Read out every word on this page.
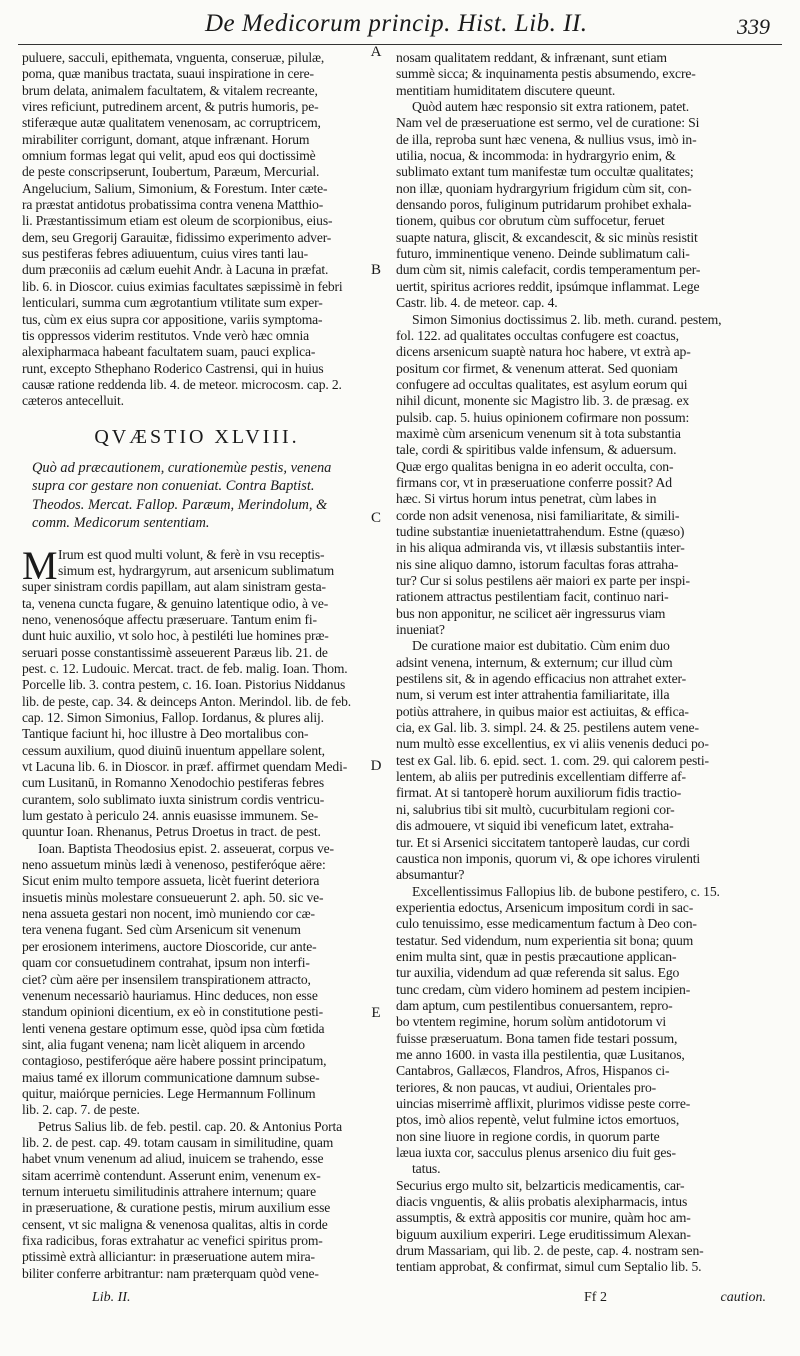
De Medicorum princip. Hist. Lib. II.	339
puluere, sacculi, epithemata, vnguenta, conseruæ, pilulæ,
poma, quæ manibus tractata, suaui inspiratione in cere-
brum delata, animalem facultatem, & vitalem recreante,
vires reficiunt, putredinem arcent, & putris humoris, pe-
stiferæque autæ qualitatem venenosam, ac corruptricem,
mirabiliter corrigunt, domant, atque infrænant. Horum
omnium formas legat qui velit, apud eos qui doctissimè
de peste conscripserunt, Ioubertum, Paræum, Mercurial.
Angelucium, Salium, Simonium, & Forestum. Inter cæte-
ra præstat antidotus probatissima contra venena Matthio-
li. Præstantissimum etiam est oleum de scorpionibus, eius-
dem, seu Gregorij Garauitæ, fidissimo experimento adver-
sus pestiferas febres adiuuentum, cuius vires tanti lau-
dum præconiis ad cælum euehit Andr. à Lacuna in præfat.
lib. 6. in Dioscor. cuius eximias facultates sæpissimè in febri
lenticulari, summa cum ægrotantium vtilitate sum exper-
tus, cùm ex eius supra cor appositione, variis symptoma-
tis oppressos viderim restitutos. Vnde verò hæc omnia
alexipharmaca habeant facultatem suam, pauci explica-
runt, excepto Sthephano Roderico Castrensi, qui in huius
causæ ratione reddenda lib. 4. de meteor. microcosm. cap. 2.
cæteros antecelluit.
QVÆSTIO XLVIII.
Quò ad præcautionem, curationemùe pestis, venena
supra cor gestare non conueniat. Contra Baptist.
Theodos. Mercat. Fallop. Paræum, Merindolum, &
comm. Medicorum sententiam.
M Irum est quod multi volunt, & ferè in vsu receptis-
simum est, hydrargyrum, aut arsenicum sublimatum
super sinistram cordis papillam, aut alam sinistram gesta-
ta, venena cuncta fugare, & genuino latentique odio, à ve-
neno, venenosóque affectu præseruare. Tantum enim fi-
dunt huic auxilio, vt solo hoc, à pestiléti lue homines præ-
seruari posse constantissimè asseuerent Paræus lib. 21. de
pest. c. 12. Ludouic. Mercat. tract. de feb. malig. Ioan. Thom.
Porcelle lib. 3. contra pestem, c. 16. Ioan. Pistorius Niddanus
lib. de peste, cap. 34. & deinceps Anton. Merindol. lib. de feb.
cap. 12. Simon Simonius, Fallop. Iordanus, & plures alij.
Tantique faciunt hi, hoc illustre à Deo mortalibus con-
cessum auxilium, quod diuinū inuentum appellare solent,
vt Lacuna lib. 6. in Dioscor. in præf. affirmet quendam Medi-
cum Lusitanū, in Romanno Xenodochio pestiferas febres
curantem, solo sublimato iuxta sinistrum cordis ventricu-
lum gestato à periculo 24. annis euasisse immunem. Se-
quuntur Ioan. Rhenanus, Petrus Droetus in tract. de pest.
Ioan. Baptista Theodosius epist. 2. asseuerat, corpus ve-
neno assuetum minùs lædi à venenoso, pestiferóque aëre:
Sicut enim multo tempore assueta, licèt fuerint deteriora
insuetis minùs molestare consueuerunt 2. aph. 50. sic ve-
nena assueta gestari non nocent, imò muniendo cor cæ-
tera venena fugant. Sed cùm Arsenicum sit venenum
per erosionem interimens, auctore Dioscoride, cur ante-
quam cor consuetudinem contrahat, ipsum non interfi-
ciet? cùm aëre per insensilem transpirationem attracto,
venenum necessariò hauriamus. Hinc deduces, non esse
standum opinioni dicentium, ex eò in constitutione pesti-
lenti venena gestare optimum esse, quòd ipsa cùm fœtida
sint, alia fugant venena; nam licèt aliquem in arcendo
contagioso, pestiferóque aëre habere possint principatum,
maius tamé ex illorum communicatione damnum subse-
quitur, maiórque pernicies. Lege Hermannum Follinum
lib. 2. cap. 7. de peste.
Petrus Salius lib. de feb. pestil. cap. 20. & Antonius Porta
lib. 2. de pest. cap. 49. totam causam in similitudine, quam
habet vnum venenum ad aliud, inuicem se trahendo, esse
sitam acerrimè contendunt. Asserunt enim, venenum ex-
ternum interuetu similitudinis attrahere internum; quare
in præseruatione, & curatione pestis, mirum auxilium esse
censent, vt sic maligna & venenosa qualitas, altis in corde
fixa radicibus, foras extrahatur ac venefici spiritus prom-
ptissimè extrà alliciantur: in præseruatione autem mira-
biliter conferre arbitrantur: nam præterquam quòd vene-
A
B
C
D
E
nosam qualitatem reddant, & infrænant, sunt etiam
summè sicca; & inquinamenta pestis absumendo, excre-
mentitiam humiditatem discutere queunt.
Quòd autem hæc responsio sit extra rationem, patet.
Nam vel de præseruatione est sermo, vel de curatione: Si
de illa, reproba sunt hæc venena, & nullius vsus, imò in-
utilia, nocua, & incommoda: in hydrargyrio enim, &
sublimato extant tum manifestæ tum occultæ qualitates;
non illæ, quoniam hydrargyrium frigidum cùm sit, con-
densando poros, fuliginum putridarum prohibet exhala-
tionem, quibus cor obrutum cùm suffocetur, feruet
suapte natura, gliscit, & excandescit, & sic minùs resistit
futuro, imminentique veneno. Deinde sublimatum cali-
dum cùm sit, nimis calefacit, cordis temperamentum per-
uertit, spiritus acriores reddit, ipsúmque inflammat. Lege
Castr. lib. 4. de meteor. cap. 4.
Simon Simonius doctissimus 2. lib. meth. curand. pestem,
fol. 122. ad qualitates occultas confugere est coactus,
dicens arsenicum suaptè natura hoc habere, vt extrà ap-
positum cor firmet, & venenum atterat. Sed quoniam
confugere ad occultas qualitates, est asylum eorum qui
nihil dicunt, monente sic Magistro lib. 3. de præsag. ex
pulsib. cap. 5. huius opinionem cofirmare non possum:
maximè cùm arsenicum venenum sit à tota substantia
tale, cordi & spiritibus valde infensum, & aduersum.
Quæ ergo qualitas benigna in eo aderit occulta, con-
firmans cor, vt in præseruatione conferre possit? Ad
hæc. Si virtus horum intus penetrat, cùm labes in
corde non adsit venenosa, nisi familiaritate, & simili-
tudine substantiæ inuenietattrahendum. Estne (quæso)
in his aliqua admiranda vis, vt illæsis substantiis inter-
nis sine aliquo damno, istorum facultas foras attraha-
tur? Cur si solus pestilens aër maiori ex parte per inspi-
rationem attractus pestilentiam facit, continuo nari-
bus non apponitur, ne scilicet aër ingressurus viam
inueniat?
De curatione maior est dubitatio. Cùm enim duo
adsint venena, internum, & externum; cur illud cùm
pestilens sit, & in agendo efficacius non attrahet exter-
num, si verum est inter attrahentia familiaritate, illa
potiùs attrahere, in quibus maior est actiuitas, & effica-
cia, ex Gal. lib. 3. simpl. 24. & 25. pestilens autem vene-
num multò esse excellentius, ex vi aliis venenis deduci po-
test ex Gal. lib. 6. epid. sect. 1. com. 29. qui calorem pesti-
lentem, ab aliis per putredinis excellentiam differre af-
firmat. At si tantoperè horum auxiliorum fidis tractio-
ni, salubrius tibi sit multò, cucurbitulam regioni cor-
dis admouere, vt siquid ibi veneficum latet, extraha-
tur. Et si Arsenici siccitatem tantoperè laudas, cur cordi
caustica non imponis, quorum vi, & ope ichores virulenti
absumantur?
Excellentissimus Fallopius lib. de bubone pestifero, c. 15.
experientia edoctus, Arsenicum impositum cordi in sac-
culo tenuissimo, esse medicamentum factum à Deo con-
testatur. Sed videndum, num experientia sit bona; quum
enim multa sint, quæ in pestis præcautione applican-
tur auxilia, videndum ad quæ referenda sit salus. Ego
tunc credam, cùm videro hominem ad pestem incipien-
dam aptum, cum pestilentibus conuersantem, repro-
bo vtentem regimine, horum solùm antidotorum vi
fuisse præseruatum. Bona tamen fide testari possum,
me anno 1600. in vasta illa pestilentia, quæ Lusitanos,
Cantabros, Gallæcos, Flandros, Afros, Hispanos ci-
teriores, & non paucas, vt audiui, Orientales pro-
uincias miserrimè afflixit, plurimos vidisse peste corre-
ptos, imò alios repentè, velut fulmine ictos emortuos,
non sine liuore in regione cordis, in quorum parte
læua iuxta cor, sacculus plenus arsenico diu fuit ges-
tatus.
Securius ergo multo sit, belzarticis medicamentis, car-
diacis vnguentis, & aliis probatis alexipharmacis, intus
assumptis, & extrà appositis cor munire, quàm hoc am-
biguum auxilium experiri. Lege eruditissimum Alexan-
drum Massariam, qui lib. 2. de peste, cap. 4. nostram sen-
tentiam approbat, & confirmat, simul cum Septalio lib. 5.
Lib. II.	Ff 2	caution.
